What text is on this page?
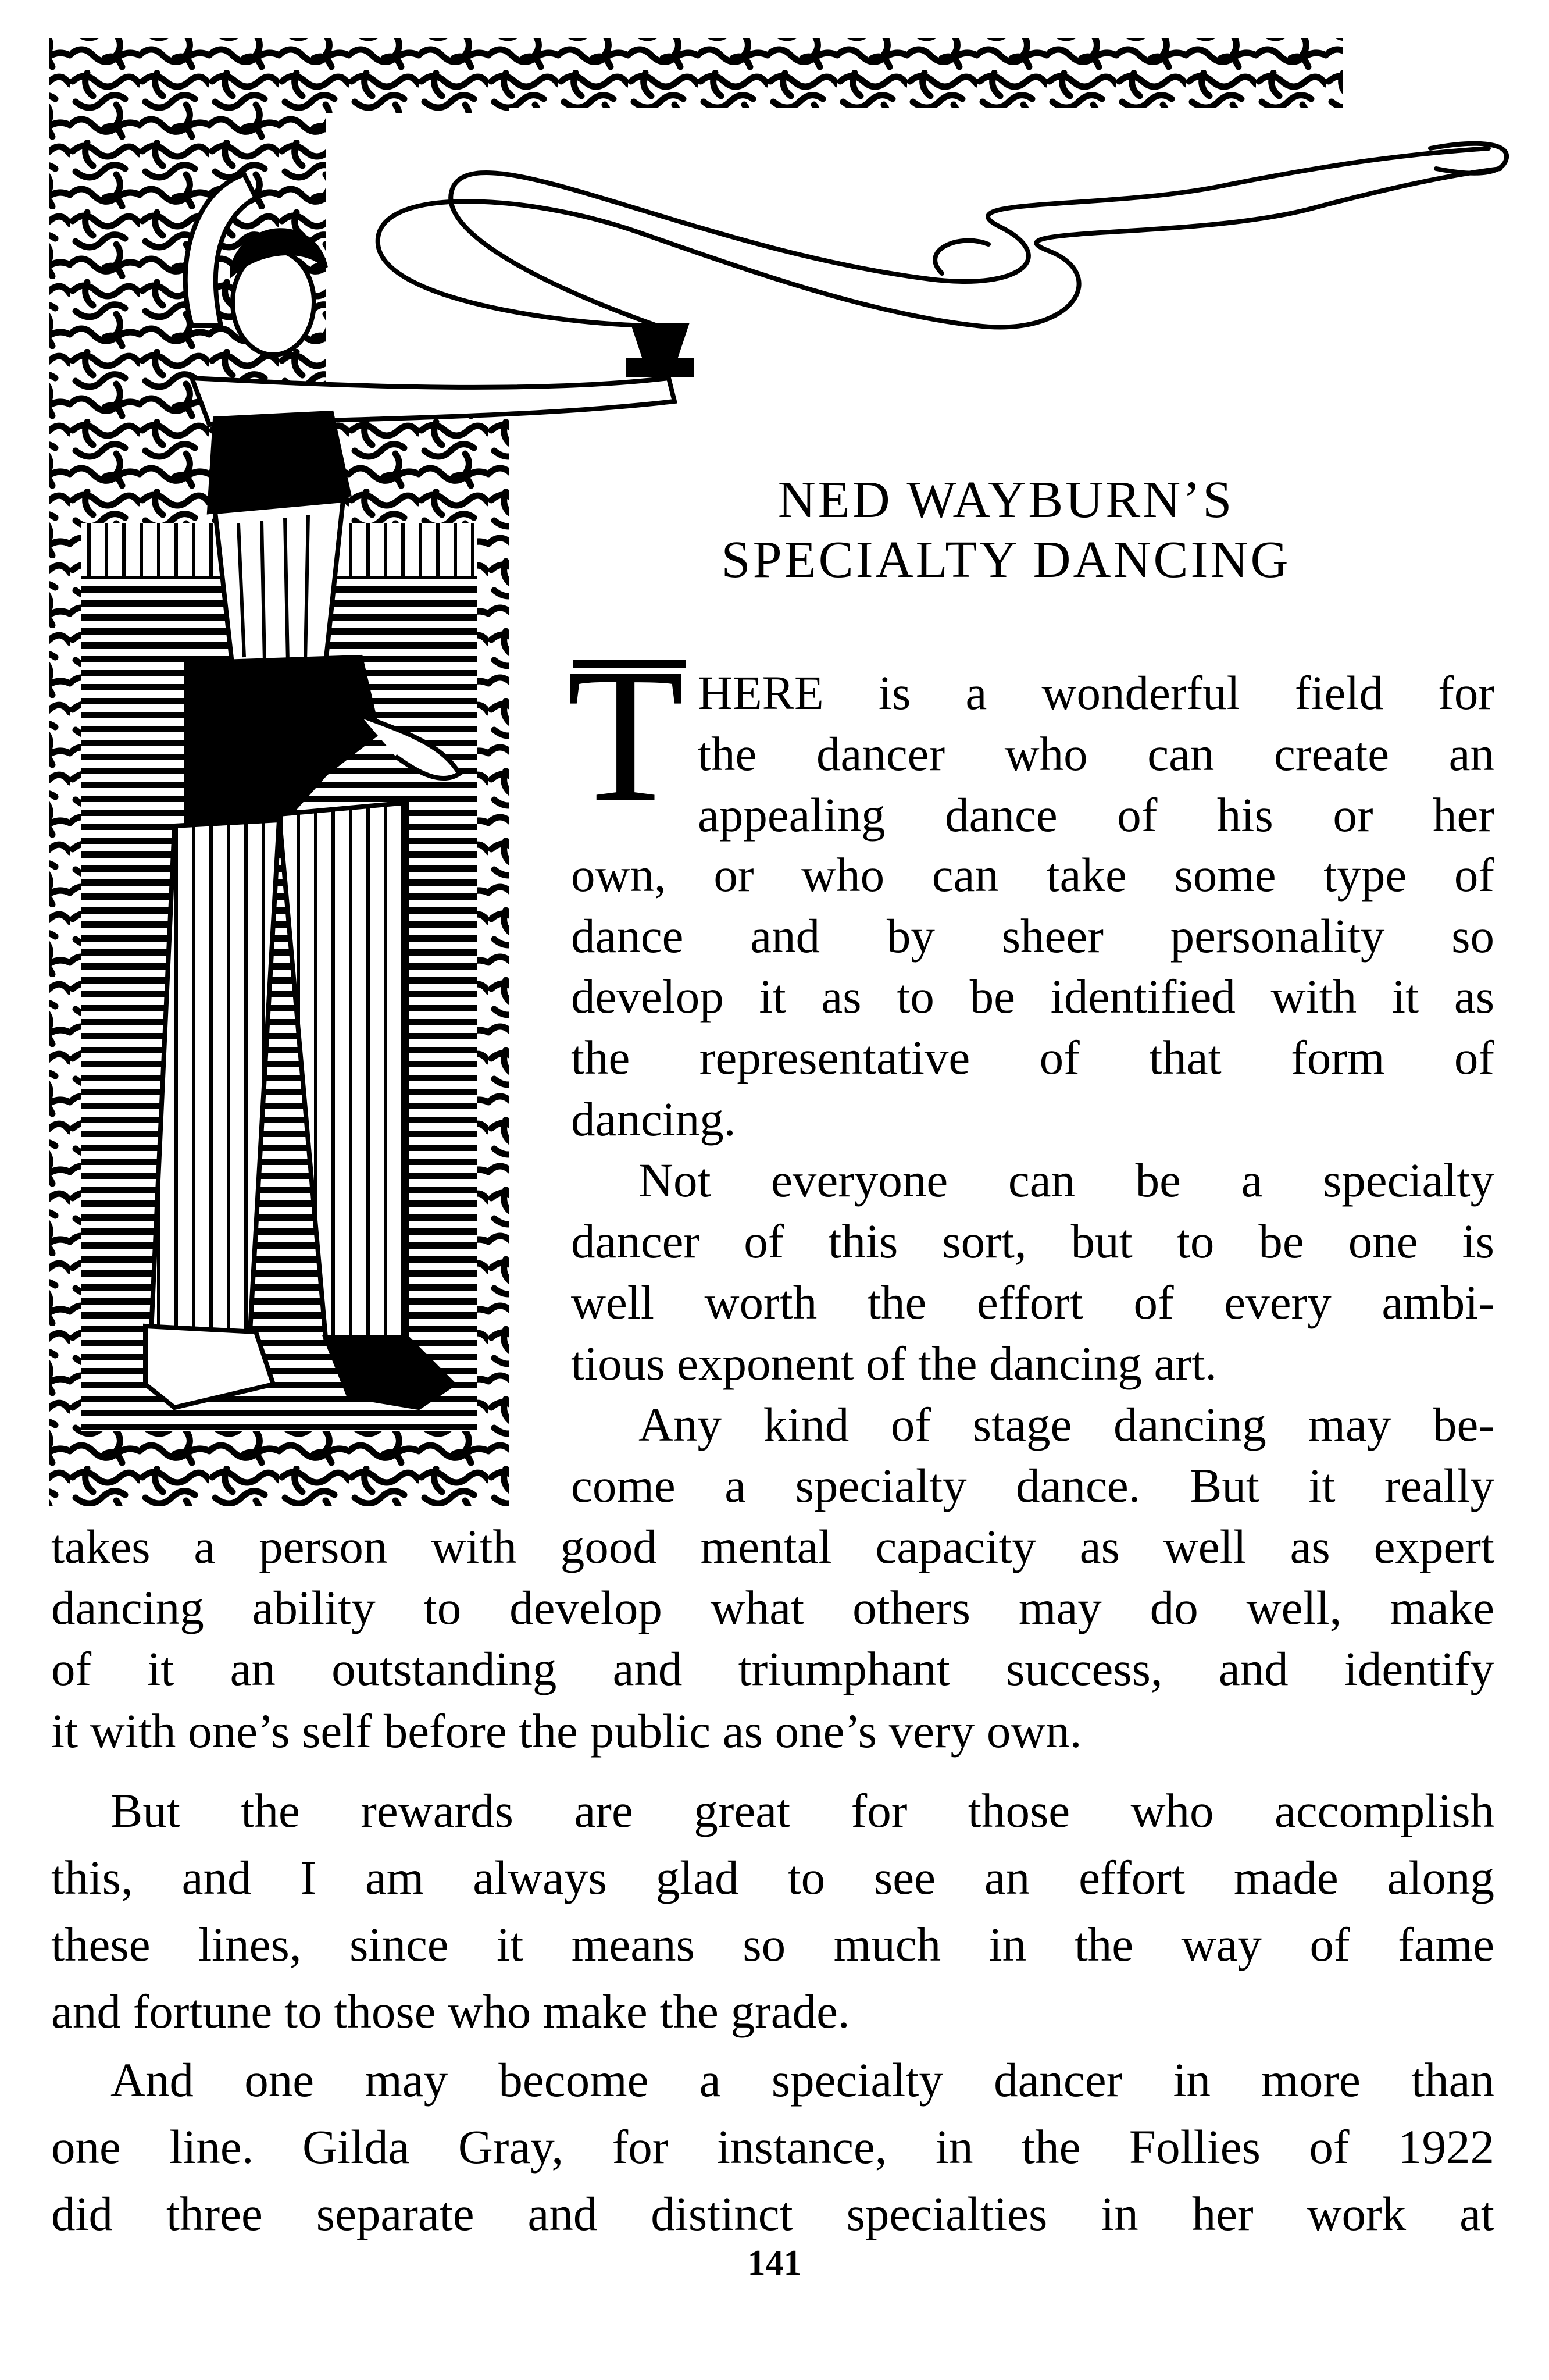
NED WAYBURN’S
SPECIALTY DANCING
T HERE is a wonderful field for
the dancer who can create an
appealing dance of his or her
own, or who can take some type of
dance and by sheer personality so
develop it as to be identified with it as
the representative of that form of
dancing.
Not everyone can be a specialty
dancer of this sort, but to be one is
well worth the effort of every ambi-
tious exponent of the dancing art.
Any kind of stage dancing may be-
come a specialty dance. But it really
takes a person with good mental capacity as well as expert
dancing ability to develop what others may do well, make
of it an outstanding and triumphant success, and identify
it with one’s self before the public as one’s very own.
But the rewards are great for those who accomplish
this, and I am always glad to see an effort made along
these lines, since it means so much in the way of fame
and fortune to those who make the grade.
And one may become a specialty dancer in more than
one line. Gilda Gray, for instance, in the Follies of 1922
did three separate and distinct specialties in her work at
141
